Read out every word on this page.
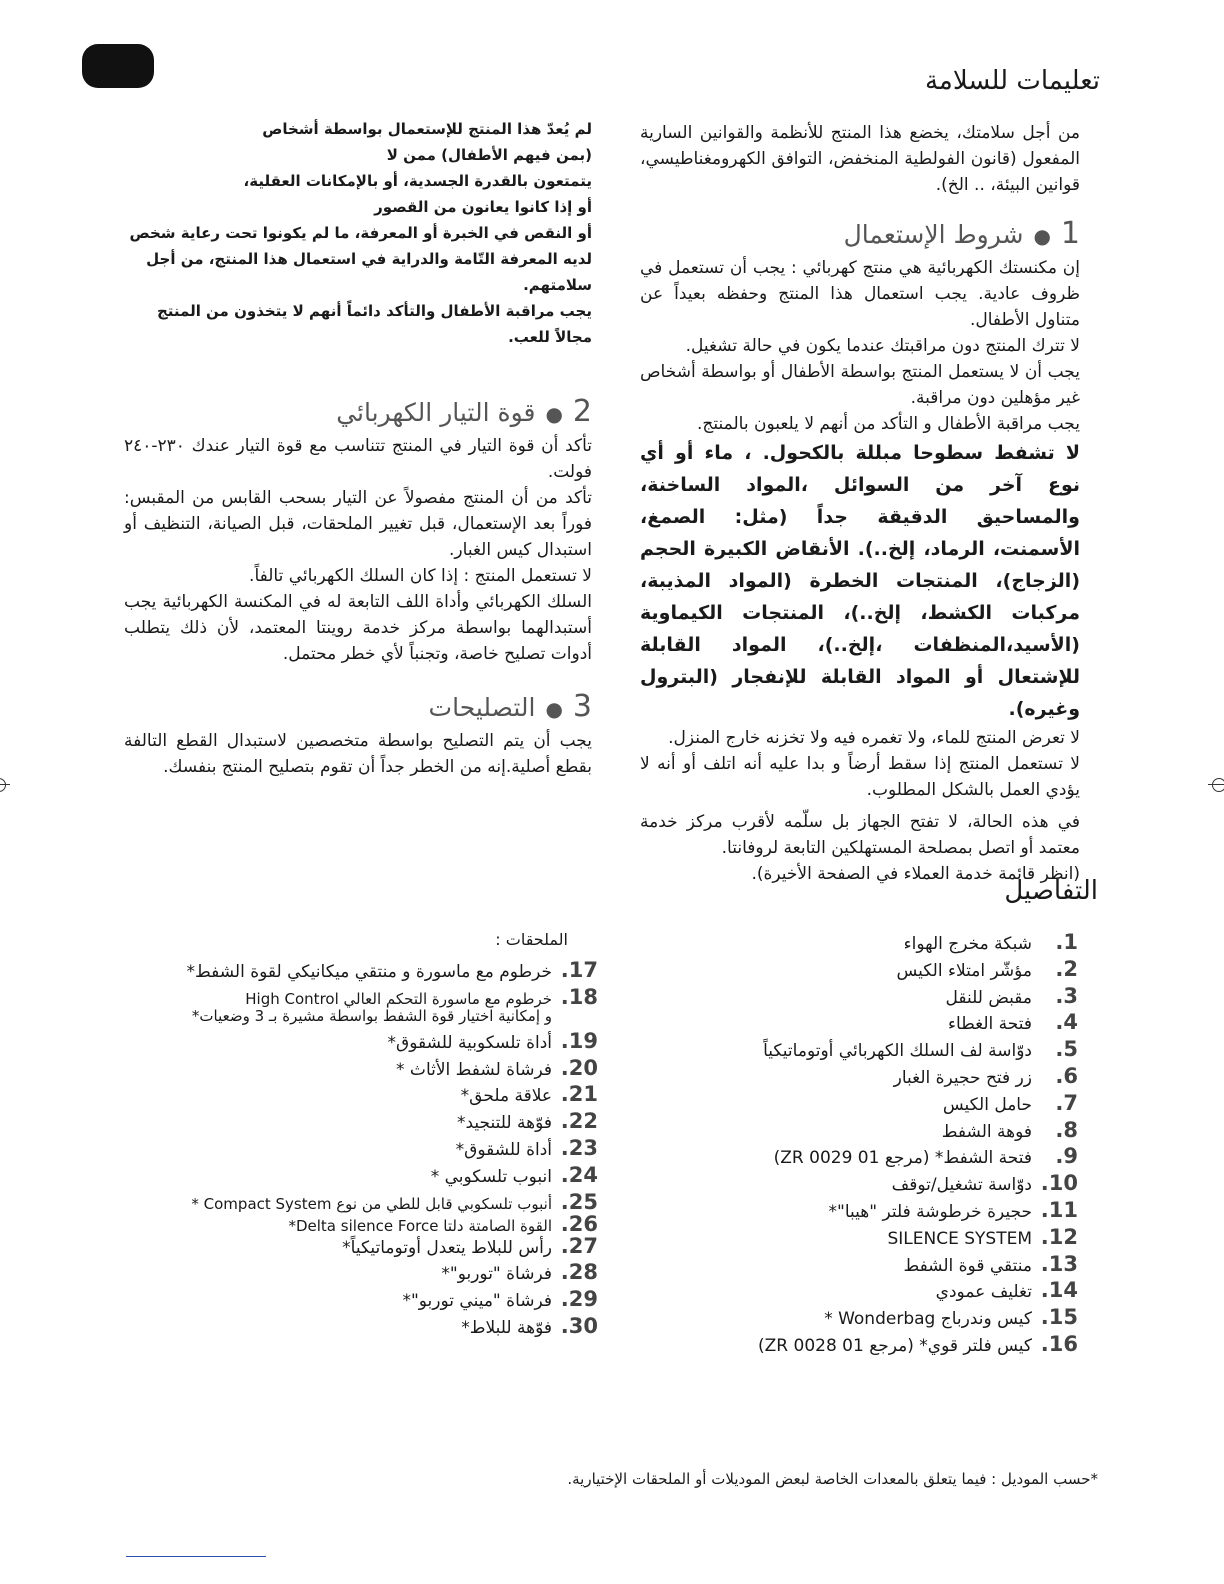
تعليمات للسلامة

من أجل سلامتك، يخضع هذا المنتج للأنظمة والقوانين السارية المفعول (قانون الفولطية المنخفض، التوافق الكهرومغناطيسي، قوانين البيئة، .. الخ).

1
●
شروط الإستعمال

إن مكنستك الكهربائية هي منتج كهربائي : يجب أن تستعمل في ظروف عادية. يجب استعمال هذا المنتج وحفظه بعيداً عن متناول الأطفال.

لا تترك المنتج دون مراقبتك عندما يكون في حالة تشغيل.

يجب أن لا يستعمل المنتج بواسطة الأطفال أو بواسطة أشخاص غير مؤهلين دون مراقبة.

يجب مراقبة الأطفال و التأكد من أنهم لا يلعبون بالمنتج.

لا تشفط سطوحا مبللة بالكحول. ، ماء أو أي نوع آخر من السوائل ،المواد الساخنة، والمساحيق الدقيقة جداً (مثل: الصمغ، الأسمنت، الرماد، إلخ..). الأنقاض الكبيرة الحجم (الزجاج)، المنتجات الخطرة (المواد المذيبة، مركبات الكشط، إلخ..)، المنتجات الكيماوية (الأسيد،المنظفات ،إلخ..)، المواد القابلة للإشتعال أو المواد القابلة للإنفجار (البترول وغيره).

لا تعرض المنتج للماء، ولا تغمره فيه ولا تخزنه خارج المنزل.

لا تستعمل المنتج إذا سقط أرضاً و بدا عليه أنه اتلف أو أنه لا يؤدي العمل بالشكل المطلوب.

في هذه الحالة، لا تفتح الجهاز بل سلّمه لأقرب مركز خدمة معتمد أو اتصل بمصلحة المستهلكين التابعة لروفانتا.

(انظر قائمة خدمة العملاء في الصفحة الأخيرة).

لم يُعدّ هذا المنتج للإستعمال بواسطة أشخاص

(بمن فيهم الأطفال) ممن لا

يتمتعون بالقدرة الجسدية، أو بالإمكانات العقلية،

أو إذا كانوا يعانون من القصور

أو النقص في الخبرة أو المعرفة، ما لم يكونوا تحت رعاية شخص

لديه المعرفة التّامة والدراية في استعمال هذا المنتج، من أجل سلامتهم.

يجب مراقبة الأطفال والتأكد دائماً أنهم لا يتخذون من المنتج مجالاً للعب.

2
●
قوة التيار الكهربائي

تأكد أن قوة التيار في المنتج تتناسب مع قوة التيار عندك ٢٣٠-٢٤٠ فولت.

تأكد من أن المنتج مفصولاً عن التيار بسحب القابس من المقبس: فوراً بعد الإستعمال، قبل تغيير الملحقات، قبل الصيانة، التنظيف أو استبدال كيس الغبار.

لا تستعمل المنتج : إذا كان السلك الكهربائي تالفاً.

السلك الكهربائي وأداة اللف التابعة له في المكنسة الكهربائية يجب أستبدالهما بواسطة مركز خدمة روينتا المعتمد، لأن ذلك يتطلب أدوات تصليح خاصة، وتجنباً لأي خطر محتمل.

3
●
التصليحات

يجب أن يتم التصليح بواسطة متخصصين لاستبدال القطع التالفة بقطع أصلية.إنه من الخطر جداً أن تقوم بتصليح المنتج بنفسك.

التفاصيل
1.
شبكة مخرج الهواء
2.
مؤشّر امتلاء الكيس
3.
مقبض للنقل
4.
فتحة الغطاء
5.
دوّاسة لف السلك الكهربائي أوتوماتيكياً
6.
زر فتح حجيرة الغبار
7.
حامل الكيس
8.
فوهة الشفط
9.
فتحة الشفط* (مرجع ZR 0029 01)
10.
دوّاسة تشغيل/توقف
11.
حجيرة خرطوشة فلتر "هيبا"*
12.
SILENCE SYSTEM
13.
منتقي قوة الشفط
14.
تغليف عمودي
15.
كيس وندرباج Wonderbag *
16.
كيس فلتر قوي* (مرجع ZR 0028 01)
الملحقات :
17.
خرطوم مع ماسورة و منتقي ميكانيكي لقوة الشفط*
18.
خرطوم مع ماسورة التحكم العالي High Control
و إمكانية اختيار قوة الشفط بواسطة مشيرة بـ 3 وضعيات*
19.
أداة تلسكوبية للشقوق*
20.
فرشاة لشفط الأثاث *
21.
علاقة ملحق*
22.
فوّهة للتنجيد*
23.
أداة للشقوق*
24.
انبوب تلسكوبي *
25.
أنبوب تلسكوبي قابل للطي من نوع Compact System *
26.
القوة الصامتة دلتا Delta silence Force*
27.
رأس للبلاط يتعدل أوتوماتيكياً*
28.
فرشاة "توربو"*
29.
فرشاة "ميني توربو"*
30.
فوّهة للبلاط*

*حسب الموديل : فيما يتعلق بالمعدات الخاصة لبعض الموديلات أو الملحقات الإختيارية.
